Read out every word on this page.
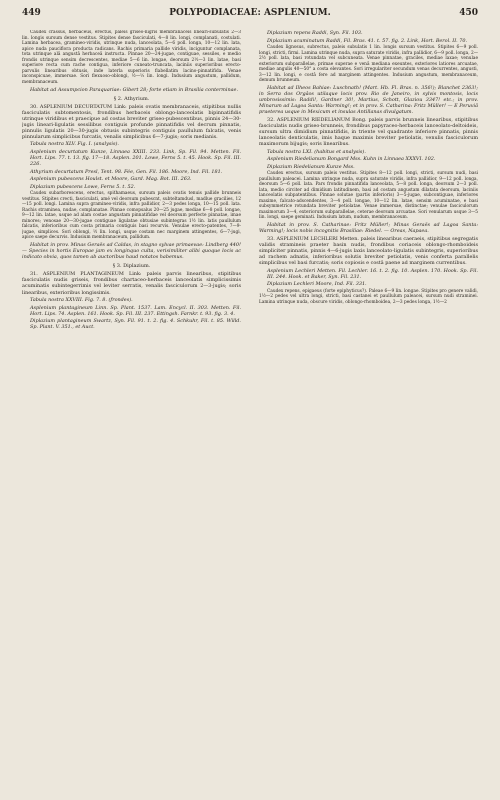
449	POLYPODIACEAE: ASPLENIUM.	450

Caudex crassus, herbaceus, erectus, paleis griseo-nigris membranaceis lineari-subulatis 2—3 lin. longis sursum dense vestitus. Stipites dense fasciculati, 4—8 lin. longi, complanati, costulati. Lamina herbacea, gramineo-viridis, utrinque nuda, lanceolata, 5—6 poll. longa, 10—12 lin. lata, apice nuda pauciflora producta radicans. Rachis primaria pallide viridis, inciguntur complanata, tota utrinque alâ angustâ herbaceâ instructa. Pinnae 20—24-jugae, contiguae, sessiles, e medio frondis utrinque sensim decrescentes, mediae 5—6 lin. longae, deorsum 2½—3 lin. latae, basi superiore recta cum rache contigua, inferiore cuneato-truncata, laciniis superioribus erecto-parvulis linearibus obtusis, inde laterla superioris flabellatim lacino-pinnatifida. Venae inconspicuae, immersae. Sori flexuoso-oblongi, ½—⅓ lin. longi. Indusium angustum, pallidum, membranaceum.

Habitat ad Assumpcion Paraquariae: Gibert 28; forte etiam in Brasilia conterminae.

§ 2. Athyrium.

30. ASPLENIUM DECURTATUM Link: paleis ovatis membranaceis, stipitibus nullis fasciculatis subtomentosis, frondibus herbaceis oblongo-lanceolatis bipinnatifidis utrinque viridibus et praecipue ad costas breviter griseo-pubescentibus, pinnis 24—30-jugis lineari-ligulatis sessilibus contiguis profunde pinnatifidis vel decrum pinnatis, pinnulis ligulatis 20—30-jugis obtusis subintegris contiguis paullulum falcatis, venis pinnularum simplicibus furcatis, venalis simplicibus 6—7-jugis; soris medianis.

Tabula nostra XLV. Fig. I. (analysis).

Asplenium decurtatum Kunze, Linnaea XXIII. 233. Link, Sp. Fil. 94. Metten. Fil. Hort. Lips. 77. t. 13. fig. 17—18. Asplen. 201. Lowe, Ferns 5. t. 45. Hook. Sp. Fil. III. 226.

Athyrium decurtatum Presl, Tent. 98. Fée, Gen. Fil. 186. Moore, Ind. Fil. 181.

Asplenium pubescens Houlst. et Moore, Gard. Mag. Bot. III. 263.

Diplazium pubescens Lowe, Ferns 5. t. 52.

Caudex subarborescens, erectus, spithamaeus, sursum paleis ovatis tenuis pallide brunneis vestitus. Stipites crecti, fasciculati, amé vel deorsum pubescnt, subteltamdusl, madlue gracilies, 12—15 poll. longi. Lamina supra gramineo-viridis, infra pallidior, 2—3 pedes longa, 10—15 poll. lata. Rachis straminea, nudae, complanatae. Pinnae comopsalus 20—25 jugae, mediae 6—8 poll. longae, 9—12 lin. latae, usque ad alam costae angustam pinnatifidae vel deorsum perfecte pinnatae, imae minores; venosae 20—30-jugae contiguae ligulatae obtusiae subintegras 1½ lin. latis paullulum falcatis, inferioribus cum costa primaria contiguis basi recurvis. Venulae erecto-patentes, 7—9-jugae, simplices. Sori oblongi, ½ lin. longi, usque costam nec marginem attingentes, 6—7-jugi, apice saepe decurvis. Indusium membranaceum, pallidum.

Habitat in prov. Minas Geraës ad Caldas, in stagno sylvae primaevae: Lindberg 440! — Species in hortis Europae jam ex longinquo culta, verisimiliter alibi quoque locis ac indicato obvia, quos tamen ab auctoribus haud notatos habemus.

§ 3. Diplazium.

31. ASPLENIUM PLANTAGINEUM Link: paleis parvis linearibus, stipitibus fasciculatis nudis griseis, frondibus chartaceo-herbaceis lanceolatis simplicissimis acuminatis subintegerrimis vel leviter serratis, venalis fasciculorum 2—3-jugis; soris linearibus, exterioribus longissimis.

Tabula nostra XXVIII. Fig. 7. 8. (frondes).

Asplenium plantagineum Linn. Sp. Plant. 1537. Lam. Encycl. II. 303. Metten. Fil. Hort. Lips. 74. Asplen. 161. Hook. Sp. Fil. III. 237. Ettingsh. Farnkr. t. 93. fig. 3. 4.

Diplazium plantagineum Swartz, Syn. Fil. 91. t. 2. fig. 4. Schkuhr, Fil. t. 85. Willd. Sp. Plant. V. 351., et Auct.

Diplazium repens Raddi, Syn. Fil. 103.

Diplazium acuminatum Raddi, Fil. Bras. 41. t. 57. fig. 2. Link, Hort. Berol. II. 70.

Caudex lignosus, subrectus, paleis subulatis 1 lin. longis sursum vestitus. Stipites 6—9 poll. longi, stricti, firmi. Lamina utrinque nuda, supra saturate viridis, infra pallidior, 6—9 poll. longa, 2—2½ poll. lata, basi rotundata vel subcuneata. Venae pinnatae, graciles, mediae laxae; venulae exteriorum subparallelae, primae superae e venâ mediana exeuntes, exteriores latiores arcuatae, mediae angulis 40—50° a costa elevantes. Sori irregulariter secundum venas decurrentes, angusti, 3—12 lin. longi, e costâ fere ad marginem attingentes. Indusium angustum, membranaceum, demum brunneum.

Habitat ad Ilheos Bahiae: Luschnath! (Mart. Hb. Fl. Bras. n. 356!); Blanchet 2363!; in Serra dos Orgâos utilaque locis prov. Rio de Janeiro, in sylvis montosis, locis umbrosissimis: Raddi!, Gardner 30!, Martius, Schott, Glaziou 3347! etc.; in prov. Minarum ad Lagoa Santa: Warming!; et in prov. S. Catharina: Fritz Müller! — E Peruviâ praeterea usque in Mexicum et insulas Antillanas divulgatum.

32. ASPLENIUM RIEDELIANUM Bong. paleis parvis brunneis linearibus, stipitibus fasciculatis nudis griseo-brunneis, frondibus papyraceo-herbaceis lanceolato-deltoideis, sursum ultra dimidium pinnatifidis, in triente vel quadrante inferiore pinnatis, pinnis lanceolatis denticulatis, imis haque maximis breviter petiolatis, venulis fasciculorum maximorum bijugis; soris linearibus.

Tabula nostra LXI. (habitus et analysis).

Asplenium Riedelianum Bongard Mss. Kuhn in Linnaea XXXVI. 102.

Diplazium Riedelianum Kunze Mss.

Caudex erectus, sursum paleis vestitus. Stipites 8—12 poll. longi, stricti, sursum nudi, basi paullulum paleacei. Lamina utrinque nuda, supra saturate viridis, infra pallidior, 9—12 poll. longa, deorsum 5—6 poll. lata. Pars frondis pinnatifida lanceolata, 5—8 poll. longa, deorsum 2—3 poll. lata, medio circiter ad dimidium latitudinem, basi ad costam angustam dilatata deorsum, laciniis lanceolatis subpatentibus. Pinnae solutae (partis inferioris) 3—5-jugae, subcontiguae, inferiores maxime, falcato-adscendentes, 3—4 poll. longae, 10—12 lin. latae, sensim acuminatae, e basi subsymmetrice rotundata breviter petiolatae. Venae immersae, distinctae; venulae fasciculorum maximorum 3—4, exteriorum subparallelae, ceterae deorsum arcuatae. Sori venularum usque 3—5 lin. longi, saepe geminati. Indusium latum, nudum, membranaceum.

Habitat in prov. S. Catharinae: Fritz Müller!; Minas Geraës ad Lagoa Santa: Warming!; locis nobis incognitis Brasiliae: Riedel. — Oreas, Napaea.

33. ASPLENIUM LECHLERI Metten. paleis linearibus caeraeis, stipitibus segregatis validis stramineis praeter basin nudis, frondibus coriaceis oblongo-rhomboideis simpliciter pinnatis, pinnis 4—6-jugis laxis lanceolato-ligulatis subintegris, superioribus ad rachem adnatis, inferioribus solutis breviter petiolatis, venis conferta parallelis simplicibus vel basi furcatis; soris copiosis e costâ paene ad marginem currentibus.

Asplenium Lechleri Metten. Fil. Lechler. 16. t. 2. fig. 10. Asplen. 170. Hook. Sp. Fil. III. 244. Hook. et Baker, Syn. Fil. 231.

Diplazium Lechleri Moore, Ind. Fil. 331.

Caudex repens, epigaeus (forte epiphyticus?). Paleae 6—9 lin. longae. Stipites pro genere validi, 1½—2 pedes vel ultra longi, stricti, basi castanei et paullulum paleacei, sursum nudi straminei. Lamina utrinque nuda, obscure viridis, oblongo-rhomboidea, 2—3 pedes longa, 1½—2
